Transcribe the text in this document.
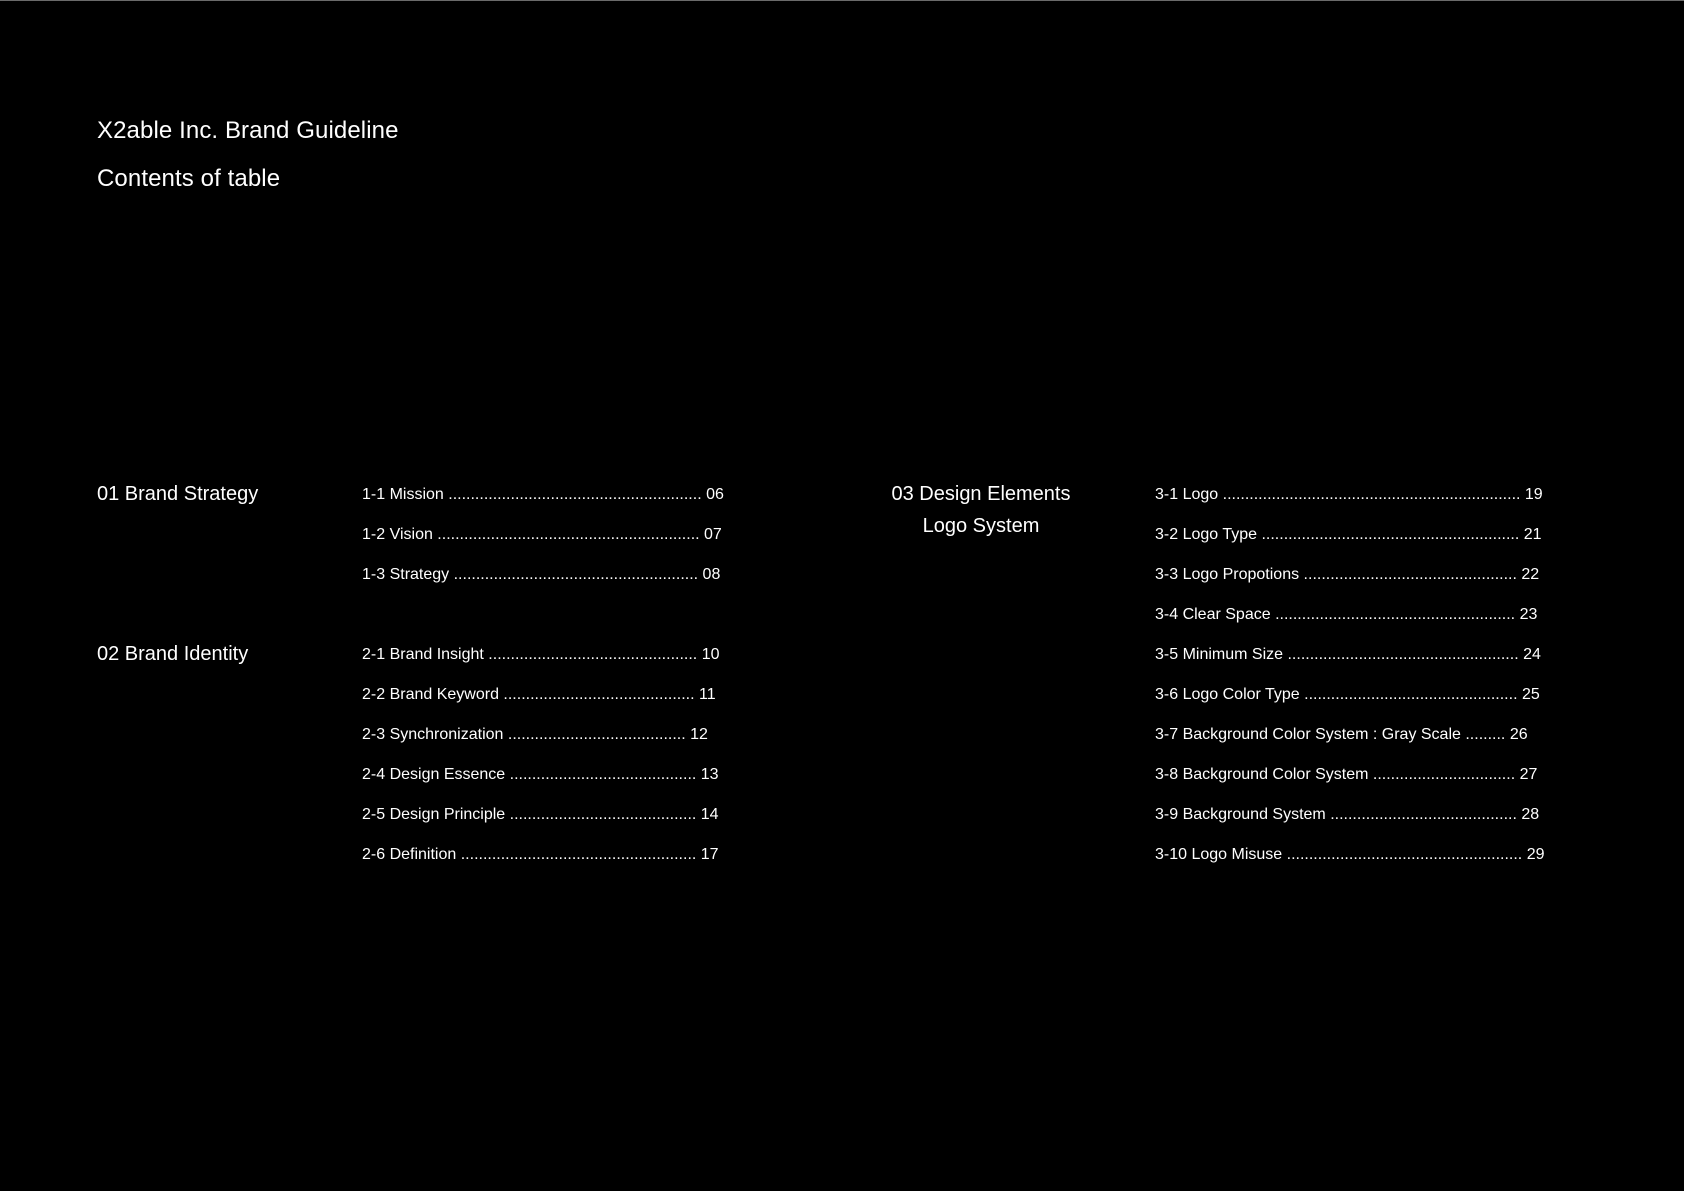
X2able Inc. Brand Guideline
Contents of table
01 Brand Strategy	1-1 Mission ......................................................... 06
1-2 Vision ........................................................... 07
1-3 Strategy ....................................................... 08
02 Brand Identity	2-1 Brand Insight ............................................... 10
2-2 Brand Keyword ........................................... 11
2-3 Synchronization ........................................ 12
2-4 Design Essence .......................................... 13
2-5 Design Principle .......................................... 14
2-6 Definition ..................................................... 17
03 Design Elements
Logo System
3-1 Logo ................................................................... 19
3-2 Logo Type .......................................................... 21
3-3 Logo Propotions ................................................ 22
3-4 Clear Space ...................................................... 23
3-5 Minimum Size .................................................... 24
3-6 Logo Color Type ................................................ 25
3-7 Background Color System : Gray Scale ......... 26
3-8 Background Color System ................................ 27
3-9 Background System .......................................... 28
3-10 Logo Misuse ..................................................... 29
